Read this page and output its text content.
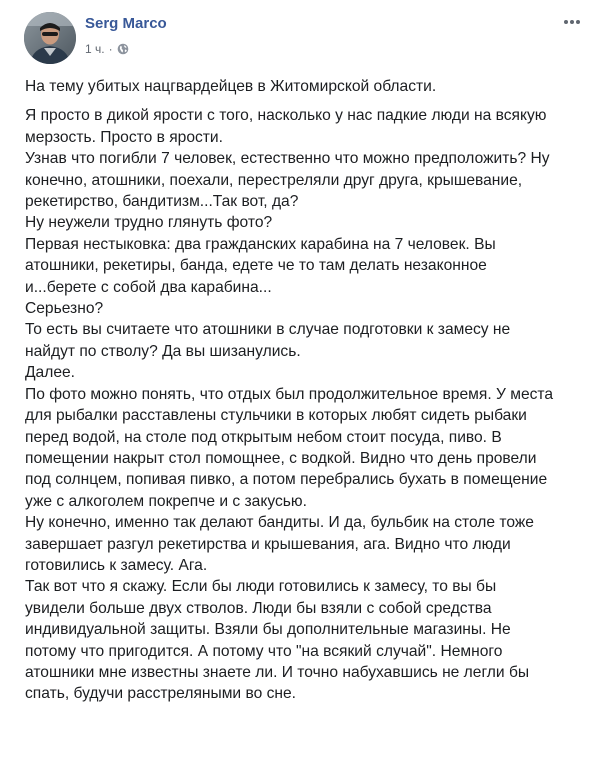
Serg Marco
1 ч. ·

На тему убитых нацгвардейцев в Житомирской области.

Я просто в дикой ярости с того, насколько у нас падкие люди на всякую
мерзость. Просто в ярости.
Узнав что погибли 7 человек, естественно что можно предположить? Ну
конечно, атошники, поехали, перестреляли друг друга, крышевание,
рекетирство, бандитизм...Так вот, да?
Ну неужели трудно глянуть фото?
Первая нестыковка: два гражданских карабина на 7 человек. Вы
атошники, рекетиры, банда, едете че то там делать незаконное
и...берете с собой два карабина...
Серьезно?
То есть вы считаете что атошники в случае подготовки к замесу не
найдут по стволу? Да вы шизанулись.
Далее.
По фото можно понять, что отдых был продолжительное время. У места
для рыбалки расставлены стульчики в которых любят сидеть рыбаки
перед водой, на столе под открытым небом стоит посуда, пиво. В
помещении накрыт стол помощнее, с водкой. Видно что день провели
под солнцем, попивая пивко, а потом перебрались бухать в помещение
уже с алкоголем покрепче и с закусью.
Ну конечно, именно так делают бандиты. И да, бульбик на столе тоже
завершает разгул рекетирства и крышевания, ага. Видно что люди
готовились к замесу. Ага.
Так вот что я скажу. Если бы люди готовились к замесу, то вы бы
увидели больше двух стволов. Люди бы взяли с собой средства
индивидуальной защиты. Взяли бы дополнительные магазины. Не
потому что пригодится. А потому что "на всякий случай". Немного
атошники мне известны знаете ли. И точно набухавшись не легли бы
спать, будучи расстреляными во сне.
